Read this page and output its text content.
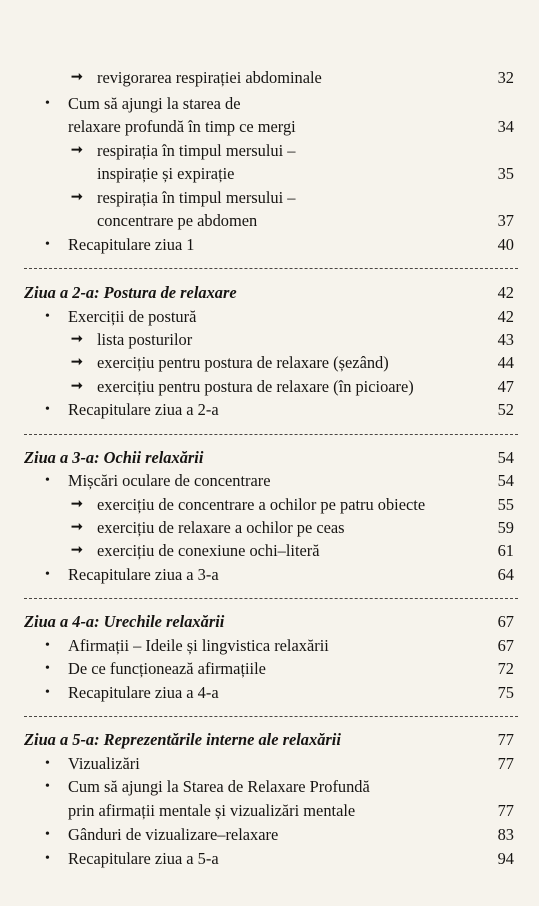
➞ revigorarea respirației abdominale	32
• Cum să ajungi la starea de
relaxare profundă în timp ce mergi	34
➞ respirația în timpul mersului –
inspirație și expirație	35
➞ respirația în timpul mersului –
concentrare pe abdomen	37
• Recapitulare ziua 1	40
Ziua a 2-a: Postura de relaxare	42
• Exerciții de postură	42
➞ lista posturilor	43
➞ exercițiu pentru postura de relaxare (șezând)	44
➞ exercițiu pentru postura de relaxare (în picioare)	47
• Recapitulare ziua a 2-a	52
Ziua a 3-a: Ochii relaxării	54
• Mișcări oculare de concentrare	54
➞ exercițiu de concentrare a ochilor pe patru obiecte	55
➞ exercițiu de relaxare a ochilor pe ceas	59
➞ exercițiu de conexiune ochi–literă	61
• Recapitulare ziua a 3-a	64
Ziua a 4-a: Urechile relaxării	67
• Afirmații – Ideile și lingvistica relaxării	67
• De ce funcționează afirmațiile	72
• Recapitulare ziua a 4-a	75
Ziua a 5-a: Reprezentările interne ale relaxării	77
• Vizualizări	77
• Cum să ajungi la Starea de Relaxare Profundă
prin afirmații mentale și vizualizări mentale	77
• Gânduri de vizualizare–relaxare	83
• Recapitulare ziua a 5-a	94
